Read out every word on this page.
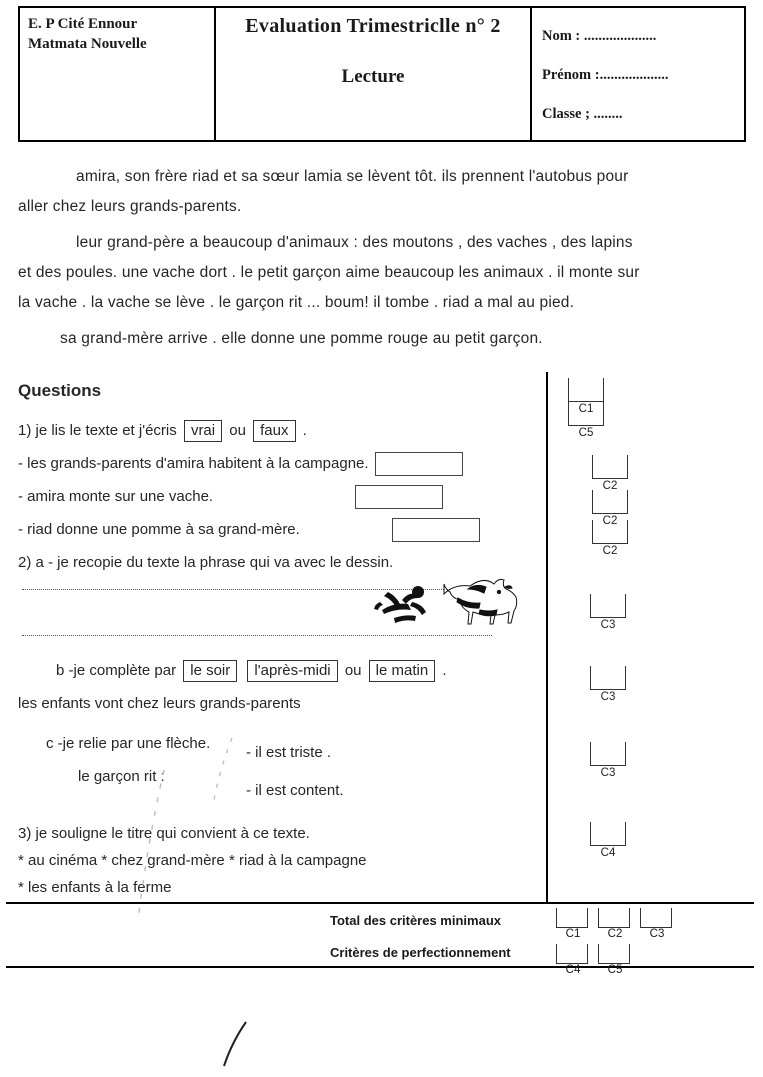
E. P Cité Ennour
Matmata Nouvelle
Evaluation Trimestriclle n° 2
Lecture
Nom : ....................
Prénom :...................
Classe ; ........

amira, son frère riad et sa sœur lamia se lèvent tôt. ils prennent l'autobus pour aller chez leurs grands-parents.

leur grand-père a beaucoup d'animaux : des moutons , des vaches , des lapins et des poules. une vache dort . le petit garçon aime beaucoup les animaux . il monte sur la vache . la vache se lève . le garçon rit ... boum! il tombe . riad a mal au pied.

sa grand-mère arrive . elle donne une pomme rouge au petit garçon.

Questions
1) je lis le texte et j'écris vrai ou faux .
- les grands-parents d'amira habitent à la campagne.
- amira monte sur une vache.
- riad donne une pomme à sa grand-mère.
2) a - je recopie du texte la phrase qui va avec le dessin.
b -je complète par le soir l'après-midi ou le matin .
les enfants vont chez leurs grands-parents
c -je relie par une flèche.
le garçon rit :
- il est triste .
- il est content.
3) je souligne le titre qui convient à ce texte.
* au cinéma * chez grand-mère * riad à la campagne
* les enfants à la ferme
C1
C5
C2
C2
C2
C3
C3
C3
C4
Total des critères minimaux
Critères de perfectionnement
C1	C2	C3
C4	C5
